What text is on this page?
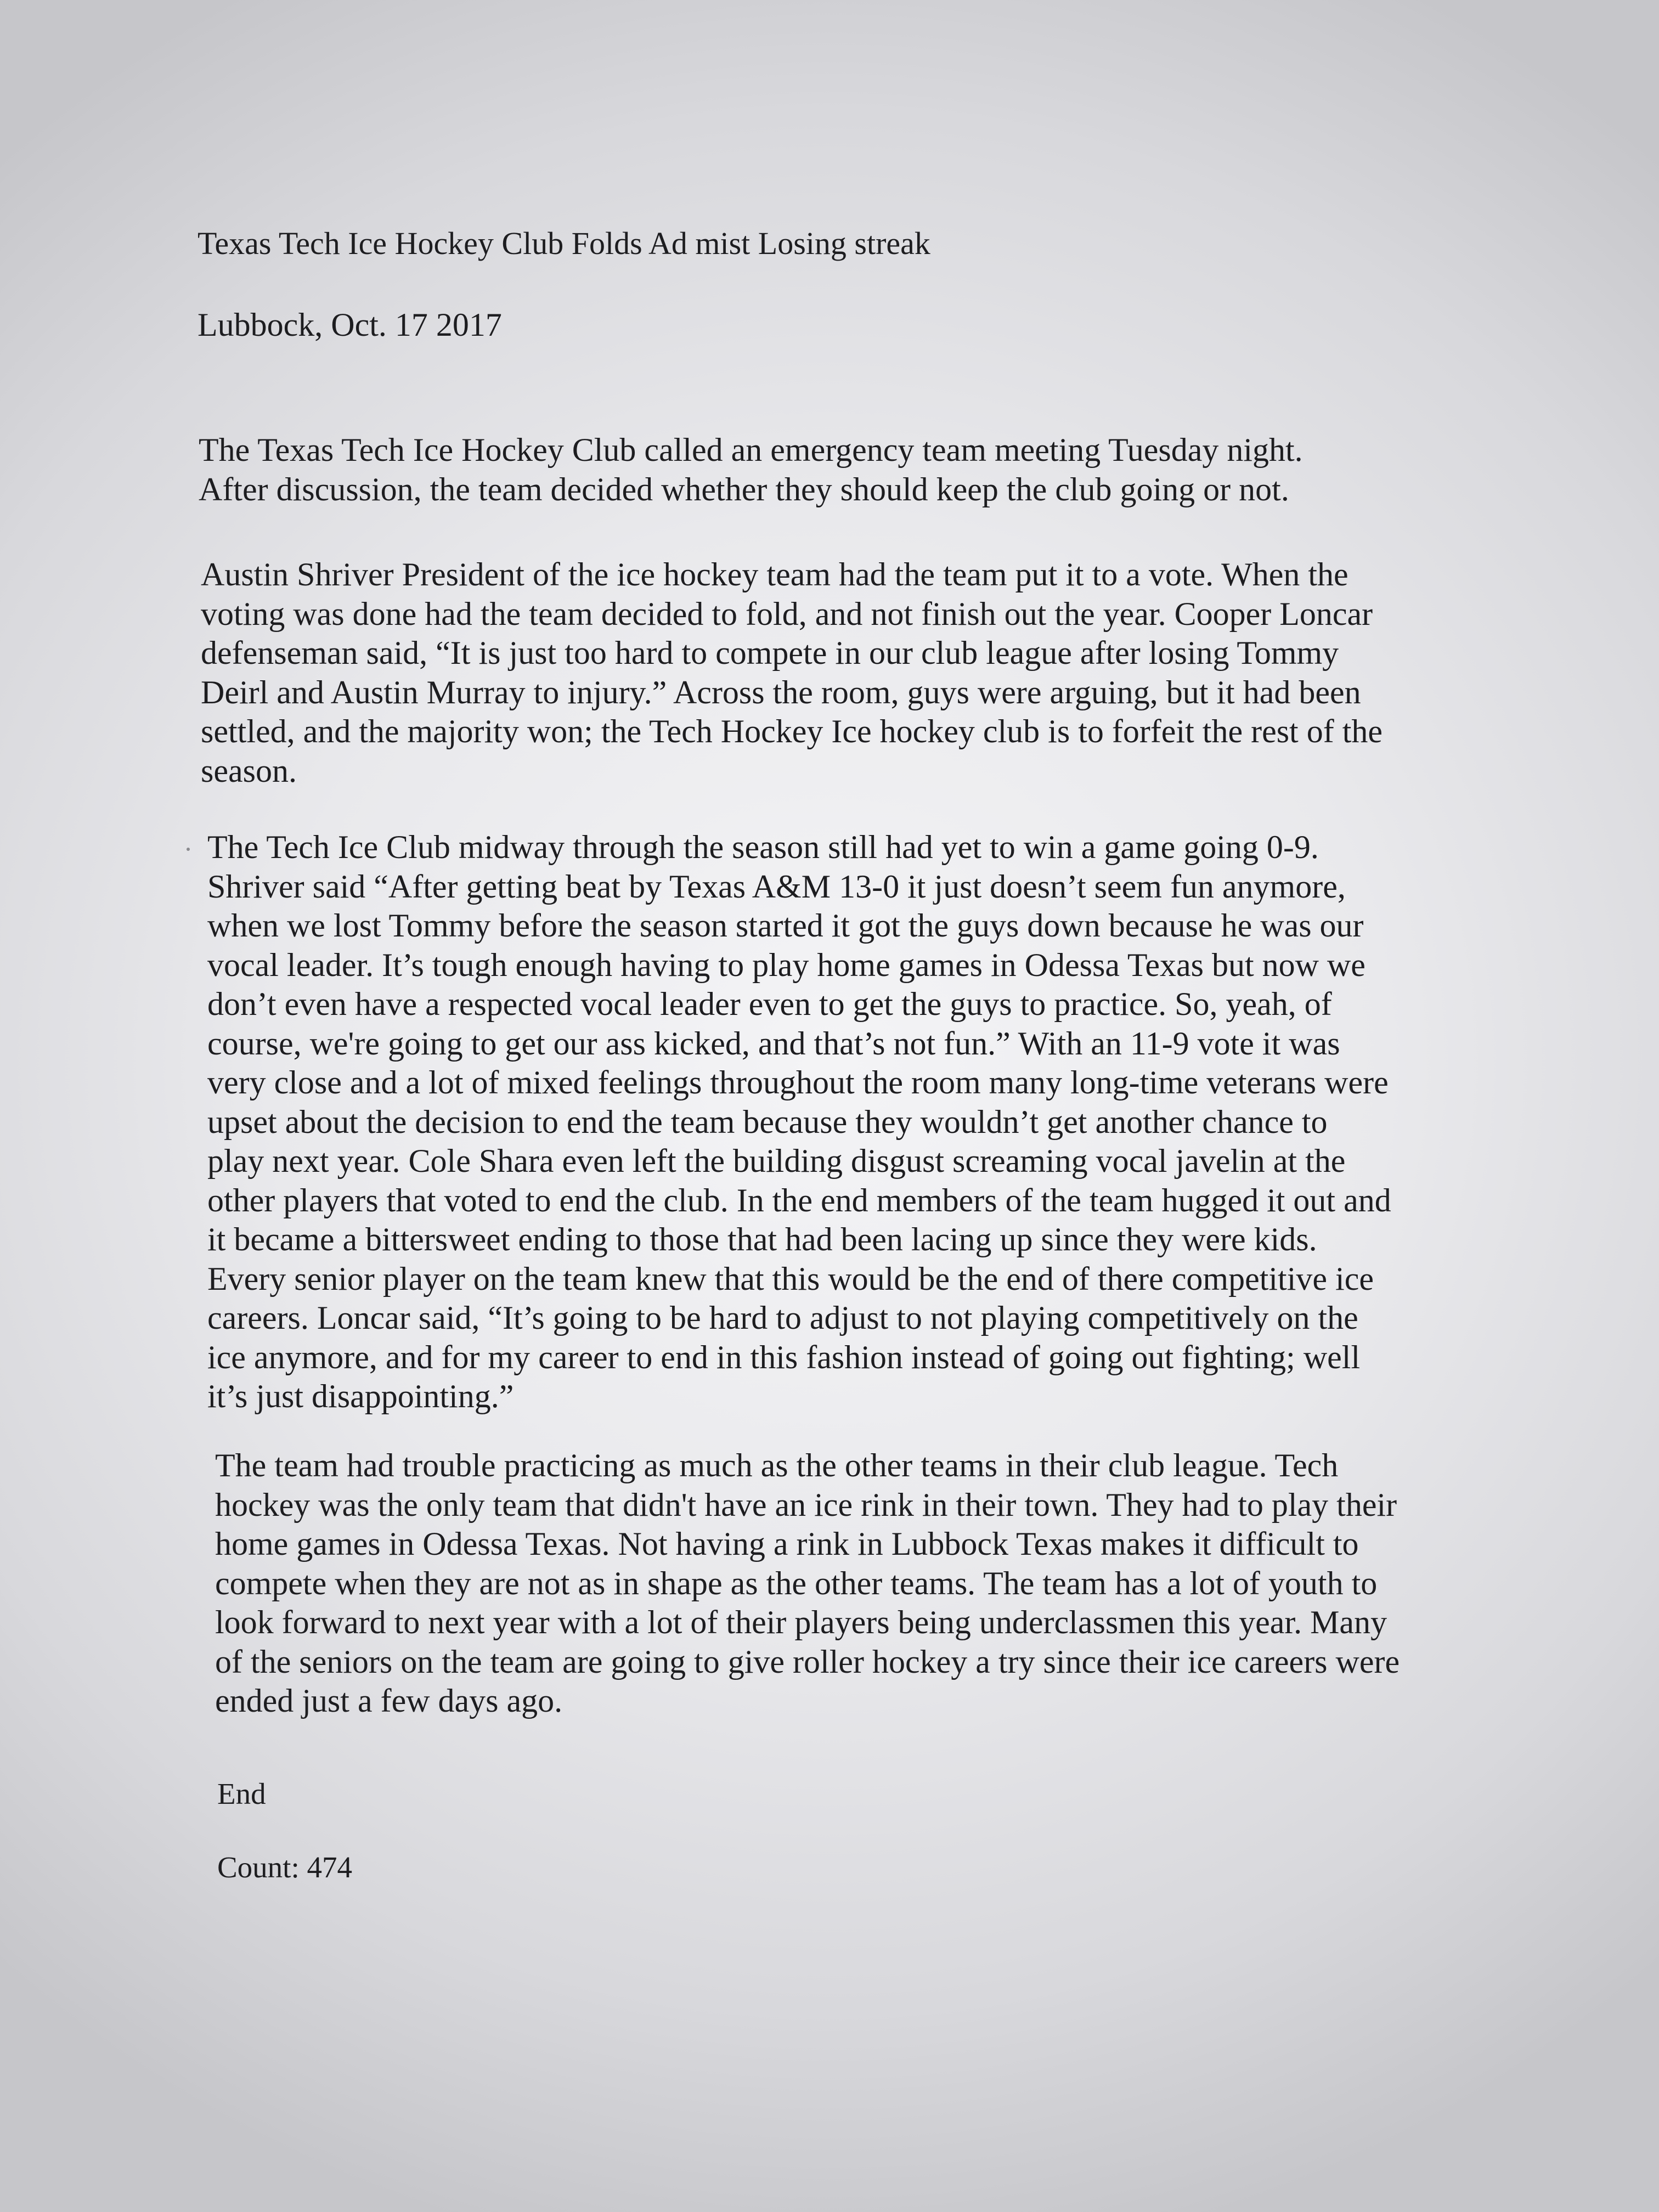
Texas Tech Ice Hockey Club Folds Ad mist Losing streak

Lubbock, Oct. 17 2017

The Texas Tech Ice Hockey Club called an emergency team meeting Tuesday night.
After discussion, the team decided whether they should keep the club going or not.
Austin Shriver President of the ice hockey team had the team put it to a vote. When the
voting was done had the team decided to fold, and not finish out the year. Cooper Loncar
defenseman said, “It is just too hard to compete in our club league after losing Tommy
Deirl and Austin Murray to injury.” Across the room, guys were arguing, but it had been
settled, and the majority won; the Tech Hockey Ice hockey club is to forfeit the rest of the
season.
The Tech Ice Club midway through the season still had yet to win a game going 0-9.
Shriver said “After getting beat by Texas A&M 13-0 it just doesn’t seem fun anymore,
when we lost Tommy before the season started it got the guys down because he was our
vocal leader. It’s tough enough having to play home games in Odessa Texas but now we
don’t even have a respected vocal leader even to get the guys to practice. So, yeah, of
course, we're going to get our ass kicked, and that’s not fun.” With an 11-9 vote it was
very close and a lot of mixed feelings throughout the room many long-time veterans were
upset about the decision to end the team because they wouldn’t get another chance to
play next year. Cole Shara even left the building disgust screaming vocal javelin at the
other players that voted to end the club. In the end members of the team hugged it out and
it became a bittersweet ending to those that had been lacing up since they were kids.
Every senior player on the team knew that this would be the end of there competitive ice
careers. Loncar said, “It’s going to be hard to adjust to not playing competitively on the
ice anymore, and for my career to end in this fashion instead of going out fighting; well
it’s just disappointing.”
The team had trouble practicing as much as the other teams in their club league. Tech
hockey was the only team that didn't have an ice rink in their town. They had to play their
home games in Odessa Texas. Not having a rink in Lubbock Texas makes it difficult to
compete when they are not as in shape as the other teams. The team has a lot of youth to
look forward to next year with a lot of their players being underclassmen this year. Many
of the seniors on the team are going to give roller hockey a try since their ice careers were
ended just a few days ago.

End

Count: 474
